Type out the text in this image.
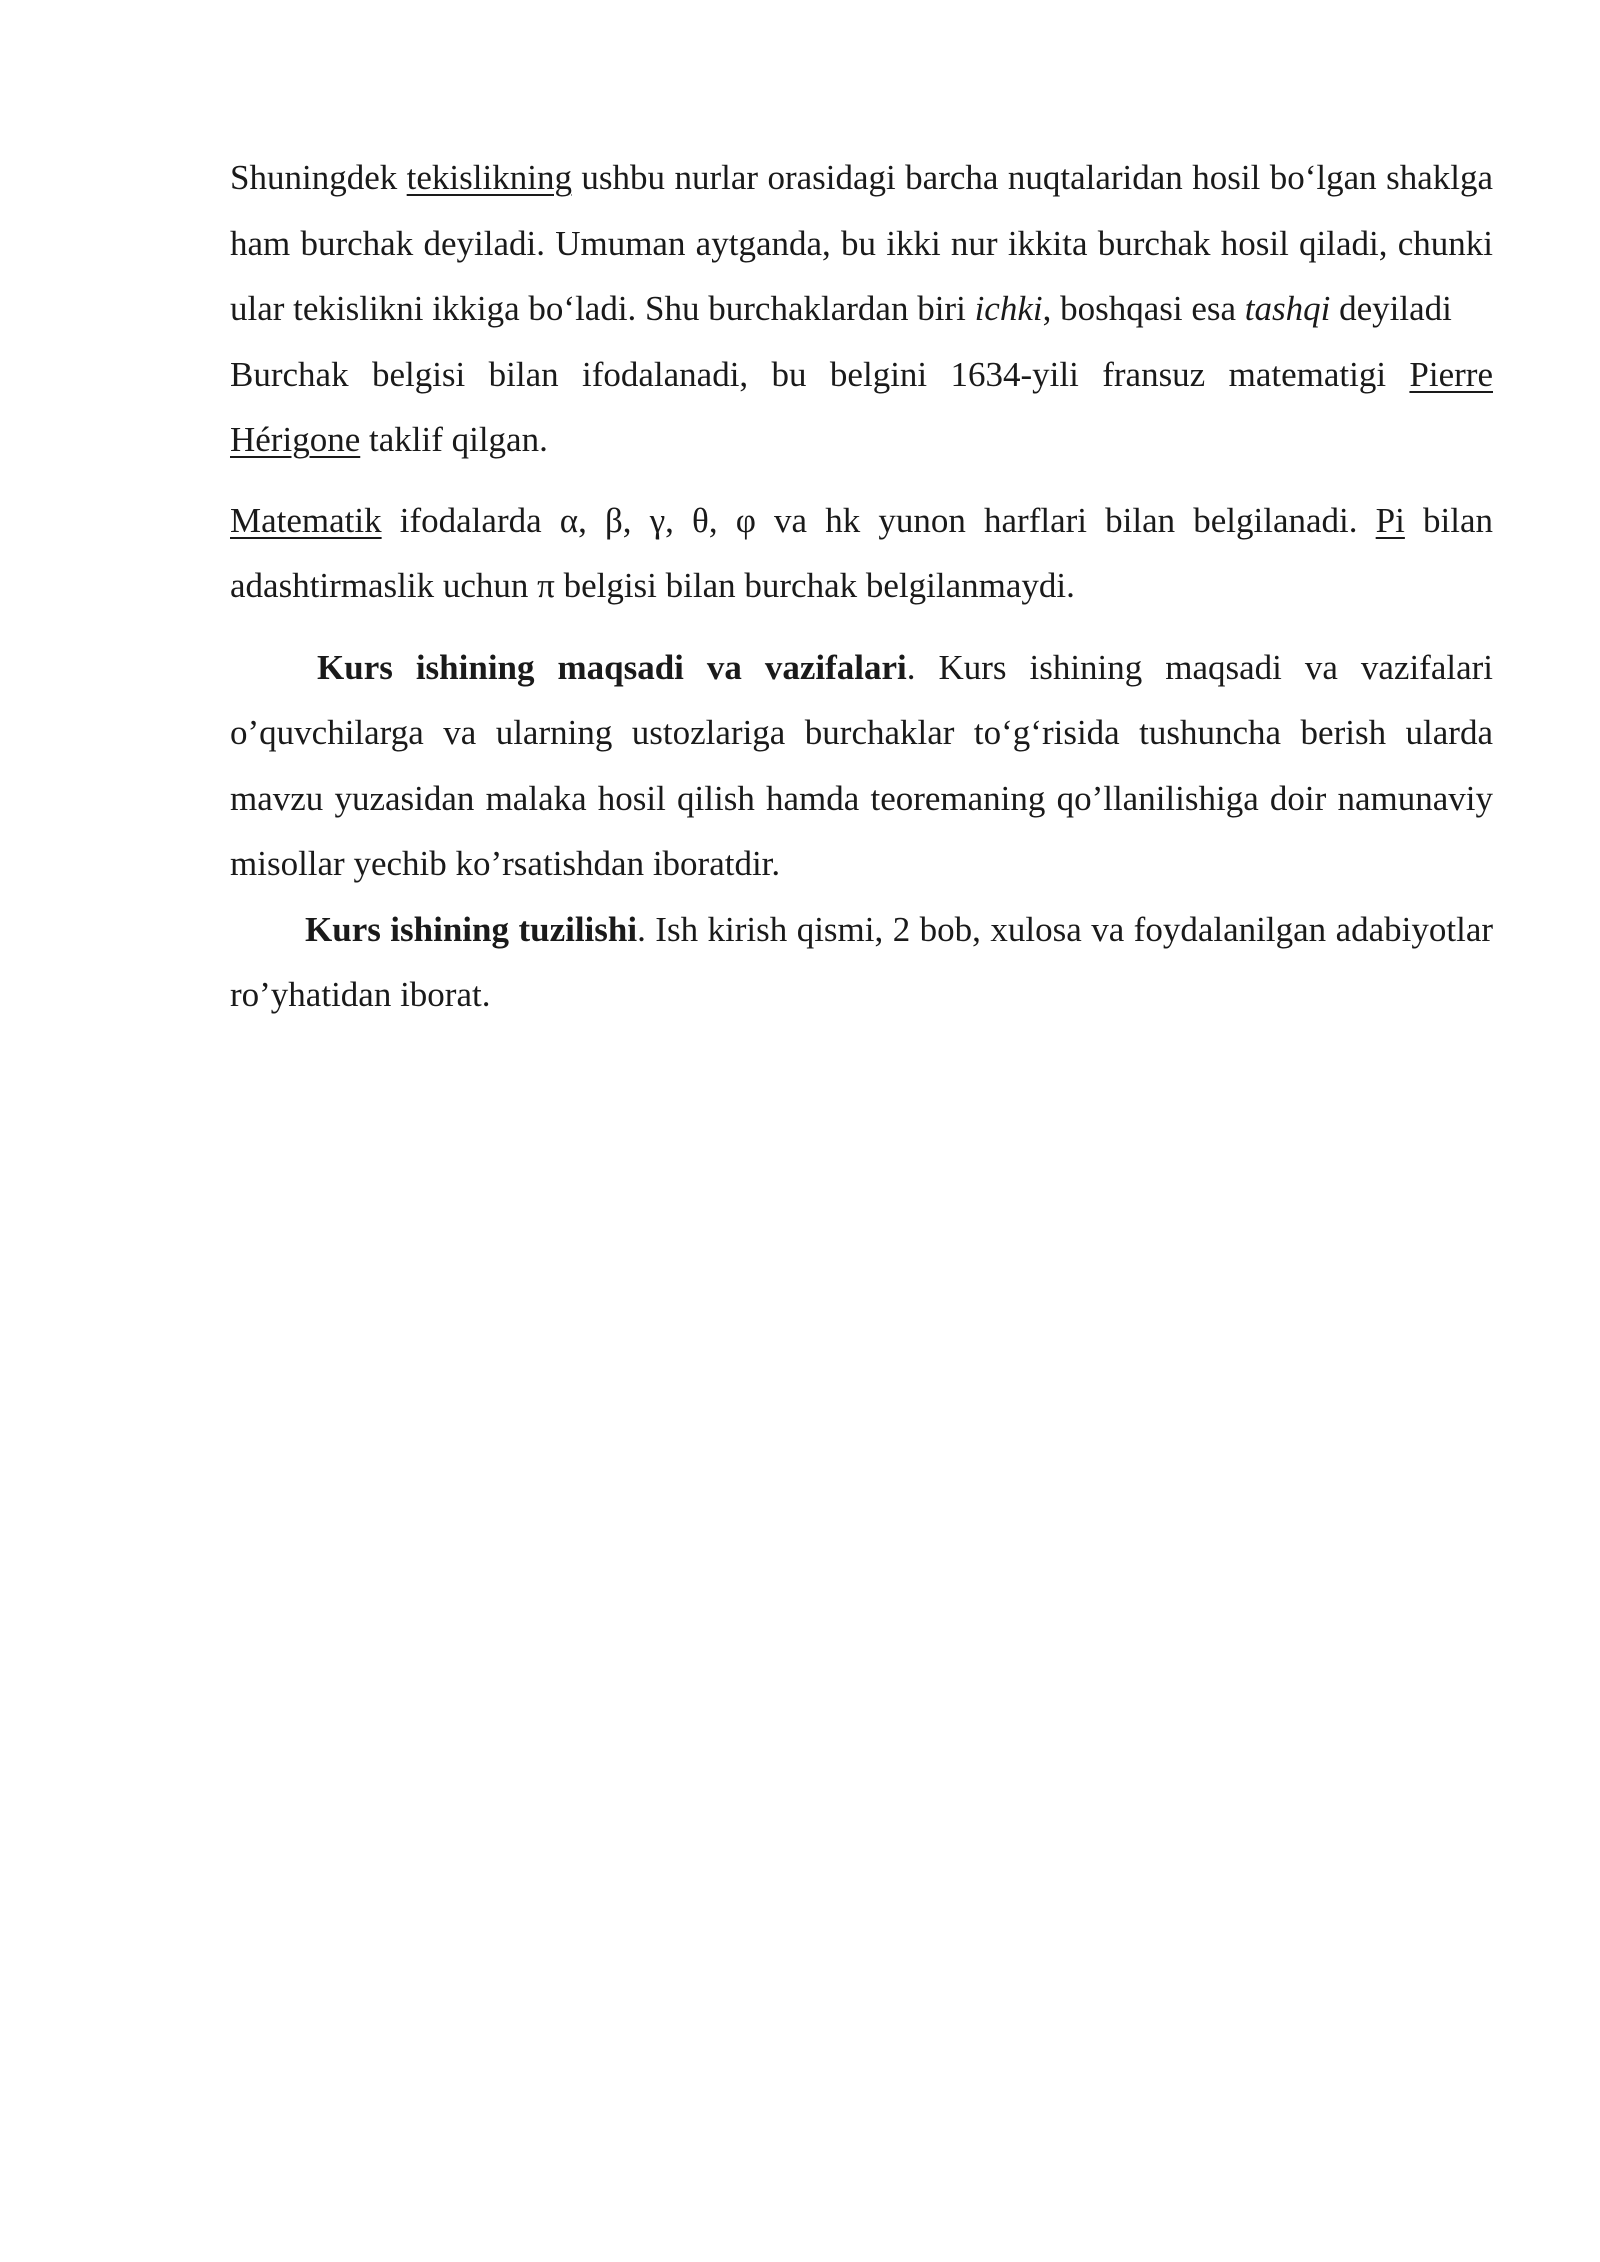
Shuningdek tekislikning ushbu nurlar orasidagi barcha nuqtalaridan hosil bo‘lgan shaklga ham burchak deyiladi. Umuman aytganda, bu ikki nur ikkita burchak hosil qiladi, chunki ular tekislikni ikkiga bo‘ladi. Shu burchaklardan biri ichki, boshqasi esa tashqi deyiladi

Burchak belgisi bilan ifodalanadi, bu belgini 1634-yili fransuz matematigi Pierre Hérigone taklif qilgan.

Matematik ifodalarda α, β, γ, θ, φ va hk yunon harflari bilan belgilanadi. Pi bilan adashtirmaslik uchun π belgisi bilan burchak belgilanmaydi.

Kurs ishining maqsadi va vazifalari. Kurs ishining maqsadi va vazifalari o’quvchilarga va ularning ustozlariga burchaklar to‘g‘risida tushuncha berish ularda mavzu yuzasidan malaka hosil qilish hamda teoremaning qo’llanilishiga doir namunaviy misollar yechib ko’rsatishdan iboratdir.

Kurs ishining tuzilishi. Ish kirish qismi, 2 bob, xulosa va foydalanilgan adabiyotlar ro’yhatidan iborat.
